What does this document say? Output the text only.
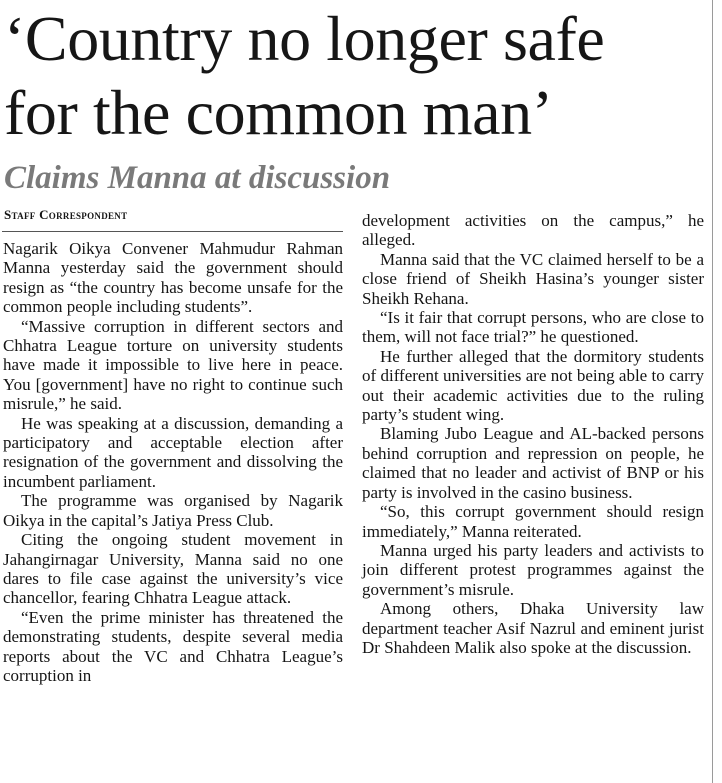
‘Country no longer safe
for the common man’
Claims Manna at discussion
Staff Correspondent

Nagarik Oikya Convener Mahmudur Rahman Manna yesterday said the government should resign as “the country has become unsafe for the common people including students”.

“Massive corruption in different sectors and Chhatra League torture on university students have made it impossible to live here in peace. You [government] have no right to continue such misrule,” he said.

He was speaking at a discussion, demanding a participatory and acceptable election after resignation of the government and dissolving the incumbent parliament.

The programme was organised by Nagarik Oikya in the capital’s Jatiya Press Club.

Citing the ongoing student movement in Jahangirnagar University, Manna said no one dares to file case against the university’s vice chancellor, fearing Chhatra League attack.

“Even the prime minister has threatened the demonstrating students, despite several media reports about the VC and Chhatra League’s corruption in

development activities on the campus,” he alleged.

Manna said that the VC claimed herself to be a close friend of Sheikh Hasina’s younger sister Sheikh Rehana.

“Is it fair that corrupt persons, who are close to them, will not face trial?” he questioned.

He further alleged that the dormitory students of different universities are not being able to carry out their academic activities due to the ruling party’s student wing.

Blaming Jubo League and AL-backed persons behind corruption and repression on people, he claimed that no leader and activist of BNP or his party is involved in the casino business.

“So, this corrupt government should resign immediately,” Manna reiterated.

Manna urged his party leaders and activists to join different protest programmes against the government’s misrule.

Among others, Dhaka University law department teacher Asif Nazrul and eminent jurist Dr Shahdeen Malik also spoke at the discussion.
